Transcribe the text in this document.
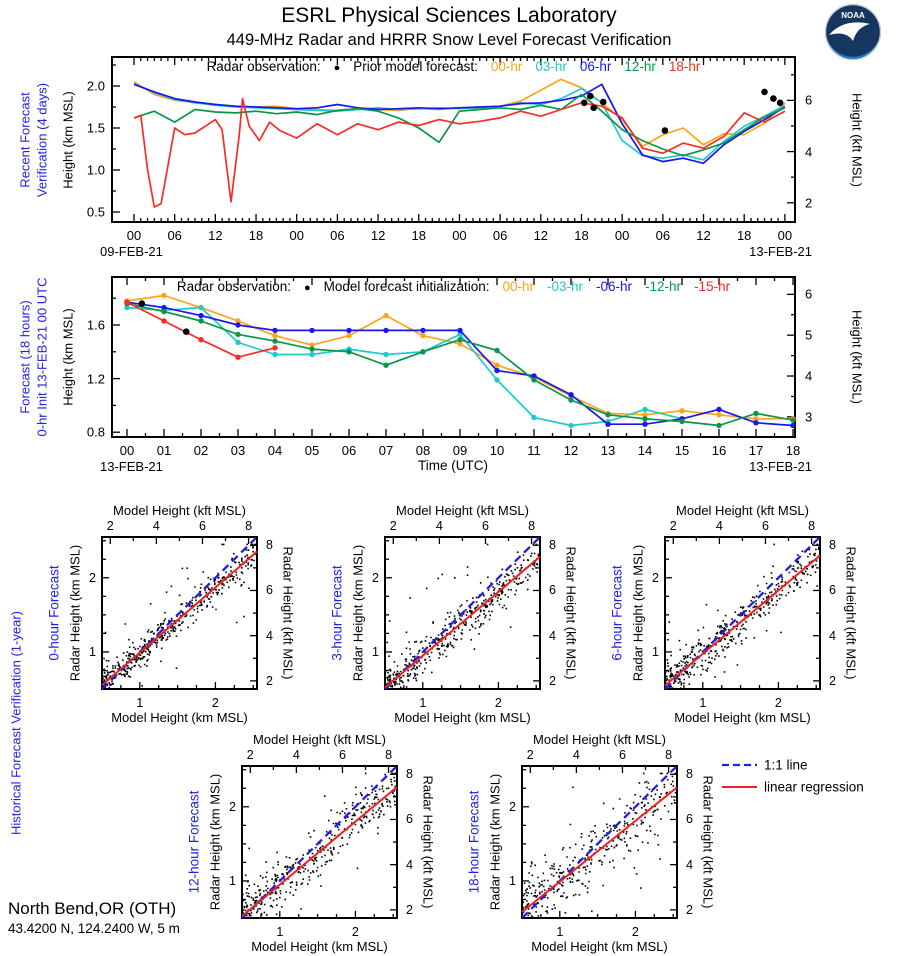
00 06 12 18 00 06 12 18 00 06 12 18 00 06 12 18 00
0.5
1.0
1.5
2.0
2
4
6
Radar observation: ● Prior model forecast: 00-hr 03-hr 06-hr 12-hr 18-hr
00 01 02 03 04 05 06 07 08 09 10 11 12 13 14 15 16 17 18
0.8
1.2
1.6
3
4
5
6
Radar observation: ● Model forecast initialization: 00-hr -03-hr -06-hr -12-hr -15-hr
1
1
2
2
2
2
4
4
6
6
8
8
Model Height (kft MSL)
Model Height (km MSL)
Radar Height (km MSL)	Radar Height (kft MSL)
0-hour Forecast
1
1
2
2
2
2
4
4
6
6
8
8
Model Height (kft MSL)
Model Height (km MSL)
Radar Height (km MSL)	Radar Height (kft MSL)
3-hour Forecast
1
1
2
2
2
2
4
4
6
6
8
8
Model Height (kft MSL)
Model Height (km MSL)
Radar Height (km MSL)	Radar Height (kft MSL)
6-hour Forecast
1
1
2
2
2
2
4
4
6
6
8
8
Model Height (kft MSL)
Model Height (km MSL)
Radar Height (km MSL)	Radar Height (kft MSL)
12-hour Forecast
1
1
2
2
2
2
4
4
6
6
8
8
Model Height (kft MSL)
Model Height (km MSL)
Radar Height (km MSL)	Radar Height (kft MSL)
18-hour Forecast
ESRL Physical Sciences Laboratory
449-MHz Radar and HRRR Snow Level Forecast Verification
NOAA
Recent Forecast Verification (4 days) Height (km MSL)	Height (kft MSL)
09-FEB-21	13-FEB-21
Forecast (18 hours) 0-hr Init 13-FEB-21 00 UTC Height (km MSL)	Height (kft MSL)
13-FEB-21	Time (UTC)	13-FEB-21
Historical Forecast Verification (1-year)	1:1 line
linear regression
North Bend,OR (OTH)
43.4200 N, 124.2400 W, 5 m
